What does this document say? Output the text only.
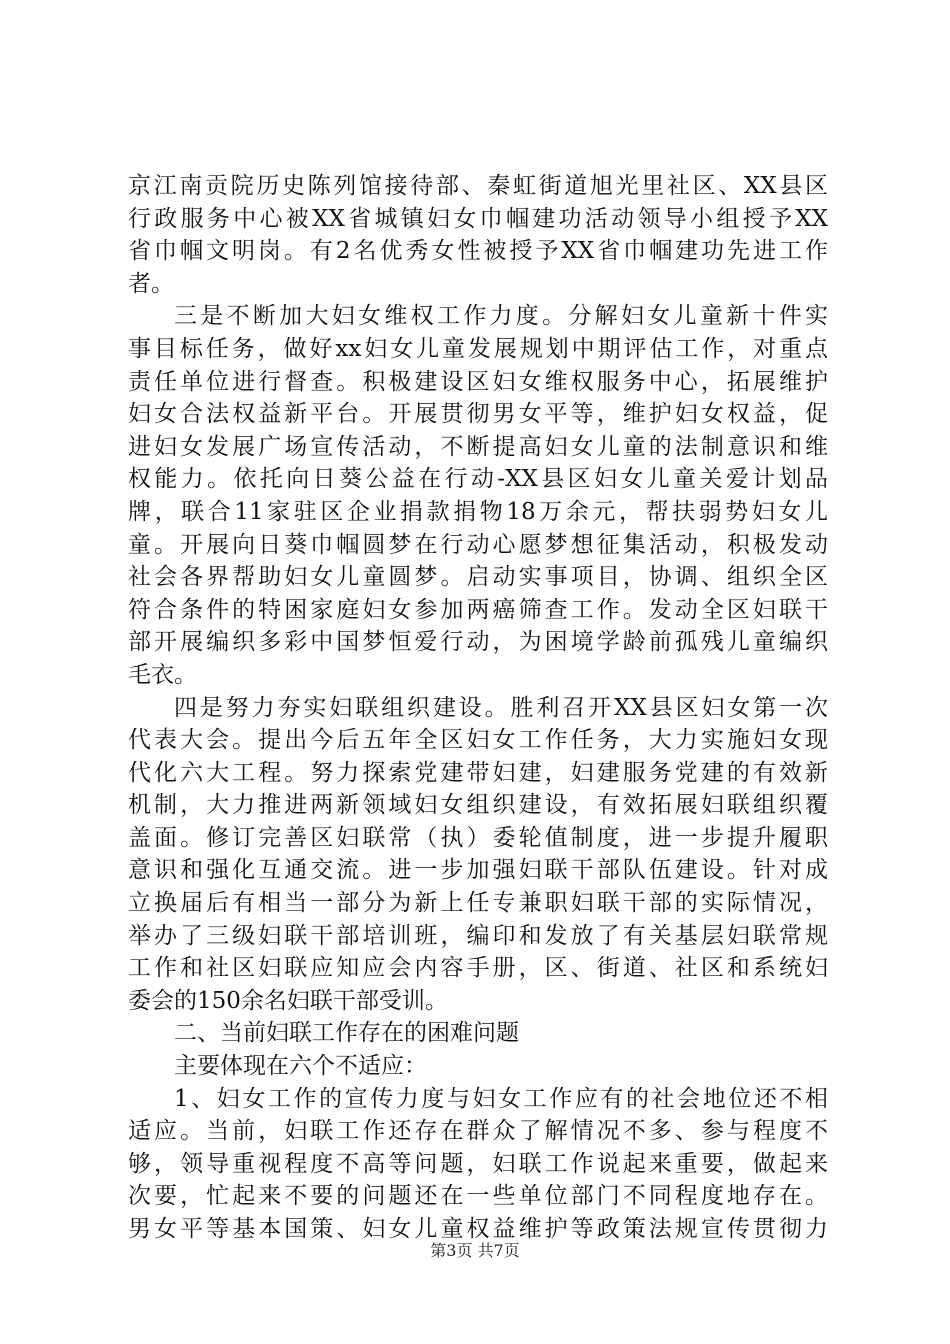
京江南贡院历史陈列馆接待部、秦虹街道旭光里社区、XX县区
行政服务中心被XX省城镇妇女巾帼建功活动领导小组授予XX
省巾帼文明岗。有2名优秀女性被授予XX省巾帼建功先进工作
者。
三是不断加大妇女维权工作力度。分解妇女儿童新十件实
事目标任务，做好xx妇女儿童发展规划中期评估工作，对重点
责任单位进行督查。积极建设区妇女维权服务中心，拓展维护
妇女合法权益新平台。开展贯彻男女平等，维护妇女权益，促
进妇女发展广场宣传活动，不断提高妇女儿童的法制意识和维
权能力。依托向日葵公益在行动-XX县区妇女儿童关爱计划品
牌，联合11家驻区企业捐款捐物18万余元，帮扶弱势妇女儿
童。开展向日葵巾帼圆梦在行动心愿梦想征集活动，积极发动
社会各界帮助妇女儿童圆梦。启动实事项目，协调、组织全区
符合条件的特困家庭妇女参加两癌筛查工作。发动全区妇联干
部开展编织多彩中国梦恒爱行动，为困境学龄前孤残儿童编织
毛衣。
四是努力夯实妇联组织建设。胜利召开XX县区妇女第一次
代表大会。提出今后五年全区妇女工作任务，大力实施妇女现
代化六大工程。努力探索党建带妇建，妇建服务党建的有效新
机制，大力推进两新领域妇女组织建设，有效拓展妇联组织覆
盖面。修订完善区妇联常（执）委轮值制度，进一步提升履职
意识和强化互通交流。进一步加强妇联干部队伍建设。针对成
立换届后有相当一部分为新上任专兼职妇联干部的实际情况，
举办了三级妇联干部培训班，编印和发放了有关基层妇联常规
工作和社区妇联应知应会内容手册，区、街道、社区和系统妇
委会的150余名妇联干部受训。
二、当前妇联工作存在的困难问题
主要体现在六个不适应：
1、妇女工作的宣传力度与妇女工作应有的社会地位还不相
适应。当前，妇联工作还存在群众了解情况不多、参与程度不
够，领导重视程度不高等问题，妇联工作说起来重要，做起来
次要，忙起来不要的问题还在一些单位部门不同程度地存在。
男女平等基本国策、妇女儿童权益维护等政策法规宣传贯彻力
第3页 共7页
